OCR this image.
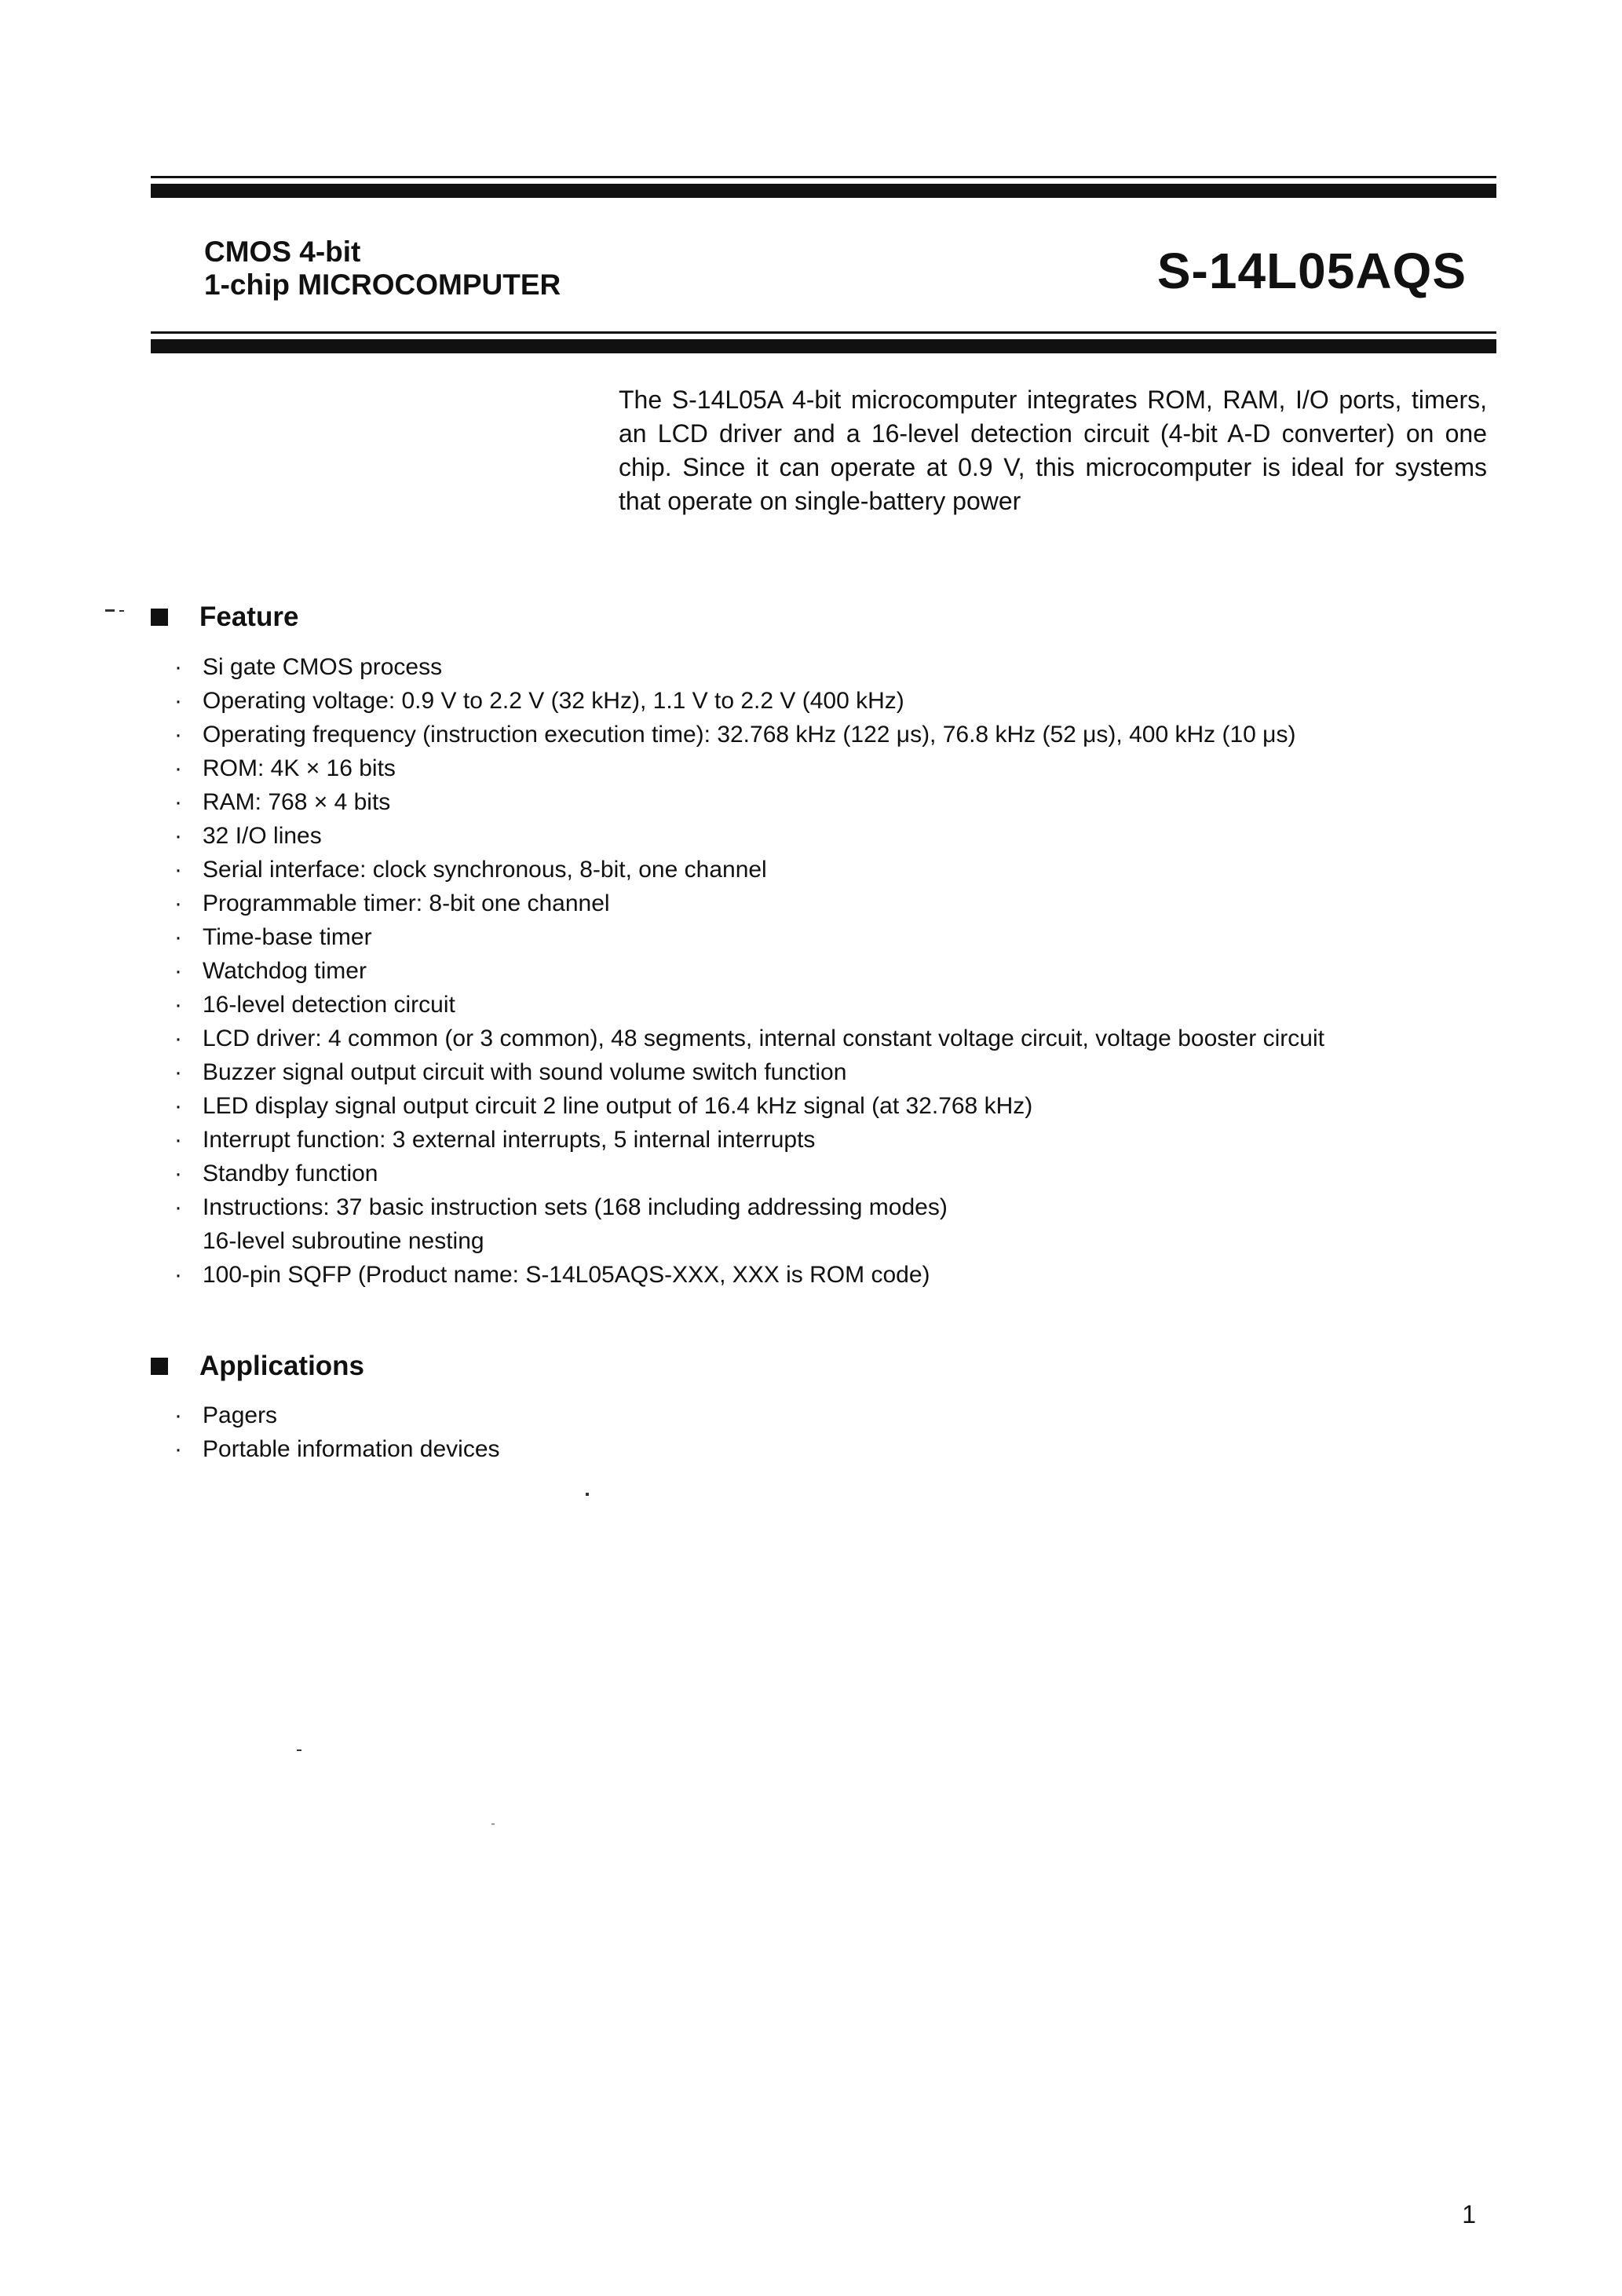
CMOS 4-bit
1-chip MICROCOMPUTER	S-14L05AQS
The S-14L05A 4-bit microcomputer integrates ROM, RAM, I/O ports, timers, an LCD driver and a 16-level detection circuit (4-bit A-D converter) on one chip. Since it can operate at 0.9 V, this microcomputer is ideal for systems that operate on single-battery power
Feature
· Si gate CMOS process
· Operating voltage: 0.9 V to 2.2 V (32 kHz), 1.1 V to 2.2 V (400 kHz)
· Operating frequency (instruction execution time): 32.768 kHz (122 μs), 76.8 kHz (52 μs), 400 kHz (10 μs)
· ROM: 4K × 16 bits
· RAM: 768 × 4 bits
· 32 I/O lines
· Serial interface: clock synchronous, 8-bit, one channel
· Programmable timer: 8-bit one channel
· Time-base timer
· Watchdog timer
· 16-level detection circuit
· LCD driver: 4 common (or 3 common), 48 segments, internal constant voltage circuit, voltage booster circuit
· Buzzer signal output circuit with sound volume switch function
· LED display signal output circuit 2 line output of 16.4 kHz signal (at 32.768 kHz)
· Interrupt function: 3 external interrupts, 5 internal interrupts
· Standby function
· Instructions: 37 basic instruction sets (168 including addressing modes)
16-level subroutine nesting
· 100-pin SQFP (Product name: S-14L05AQS-XXX, XXX is ROM code)
Applications
· Pagers
· Portable information devices
1
